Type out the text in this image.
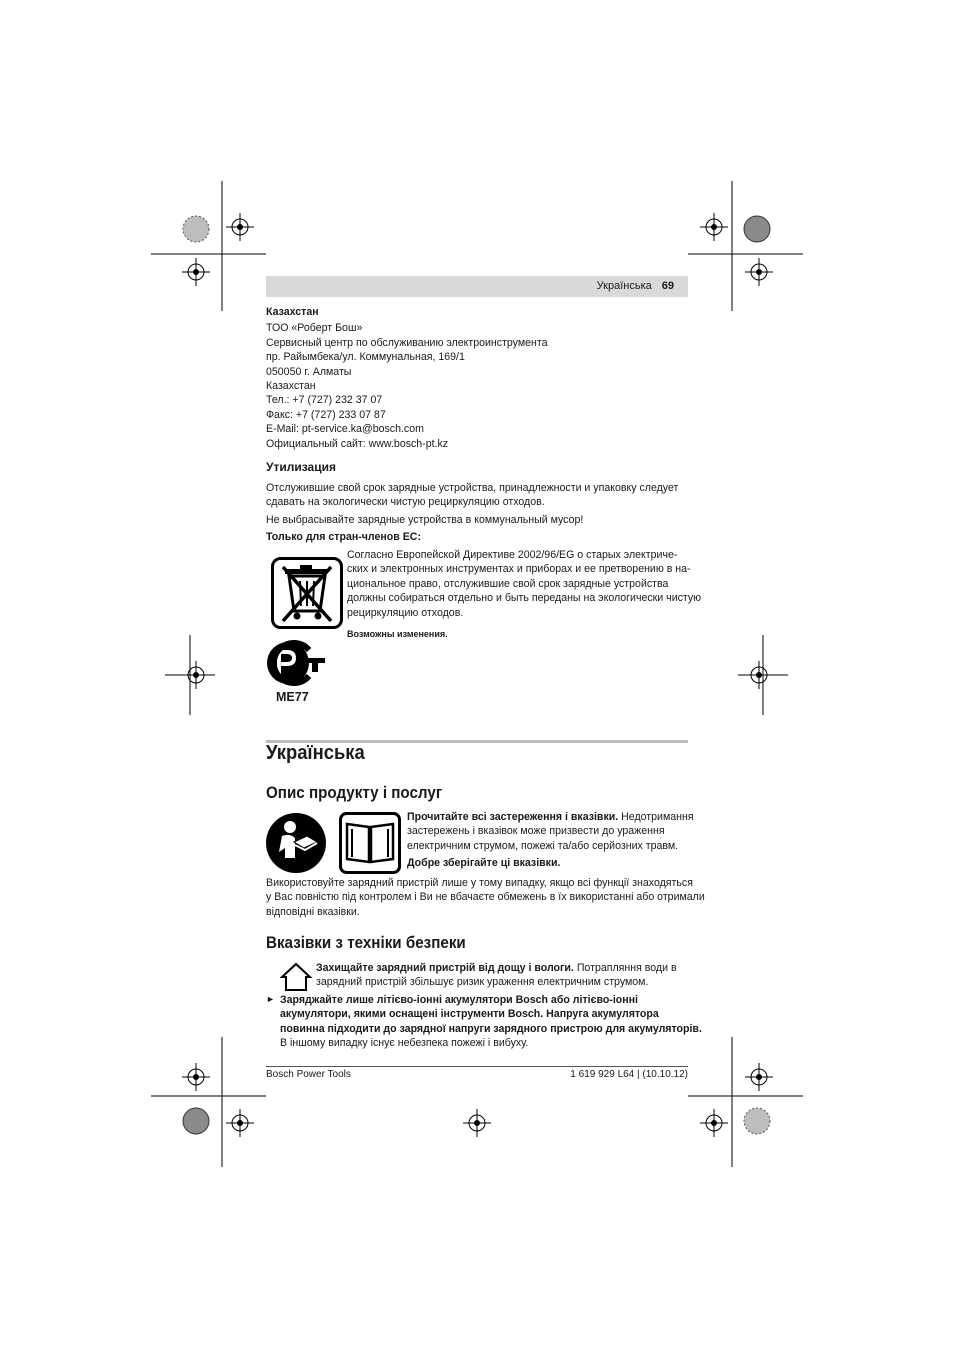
Українська 69
Казахстан
ТОО «Роберт Бош»
Сервисный центр по обслуживанию электроинструмента
пр. Райымбека/ул. Коммунальная, 169/1
050050 г. Алматы
Казахстан
Тел.: +7 (727) 232 37 07
Факс: +7 (727) 233 07 87
E-Mail: pt-service.ka@bosch.com
Официальный сайт: www.bosch-pt.kz
Утилизация
Отслужившие свой срок зарядные устройства, принадлежности и упаковку следует
сдавать на экологически чистую рециркуляцию отходов.
Не выбрасывайте зарядные устройства в коммунальный мусор!
Только для стран-членов ЕС:
Согласно Европейской Директиве 2002/96/EG о старых электриче-
ских и электронных инструментах и приборах и ее претворению в на-
циональное право, отслужившие свой срок зарядные устройства
должны собираться отдельно и быть переданы на экологически чистую
рециркуляцию отходов.
Возможны изменения.
ME77
Українська
Опис продукту і послуг
Прочитайте всі застереження і вказівки. Недотримання
застережень і вказівок може призвести до ураження
електричним струмом, пожежі та/або серйозних травм.
Добре зберігайте ці вказівки.
Використовуйте зарядний пристрій лише у тому випадку, якщо всі функції знаходяться
у Вас повністю під контролем і Ви не вбачаєте обмежень в їх використанні або отримали
відповідні вказівки.
Вказівки з техніки безпеки
Захищайте зарядний пристрій від дощу і вологи. Потрапляння води в
зарядний пристрій збільшує ризик ураження електричним струмом.
► Заряджайте лише літієво-іонні акумулятори Bosch або літієво-іонні
акумулятори, якими оснащені інструменти Bosch. Напруга акумулятора
повинна підходити до зарядної напруги зарядного пристрою для акумуляторів.
В іншому випадку існує небезпека пожежі і вибуху.
Bosch Power Tools	1 619 929 L64 | (10.10.12)
